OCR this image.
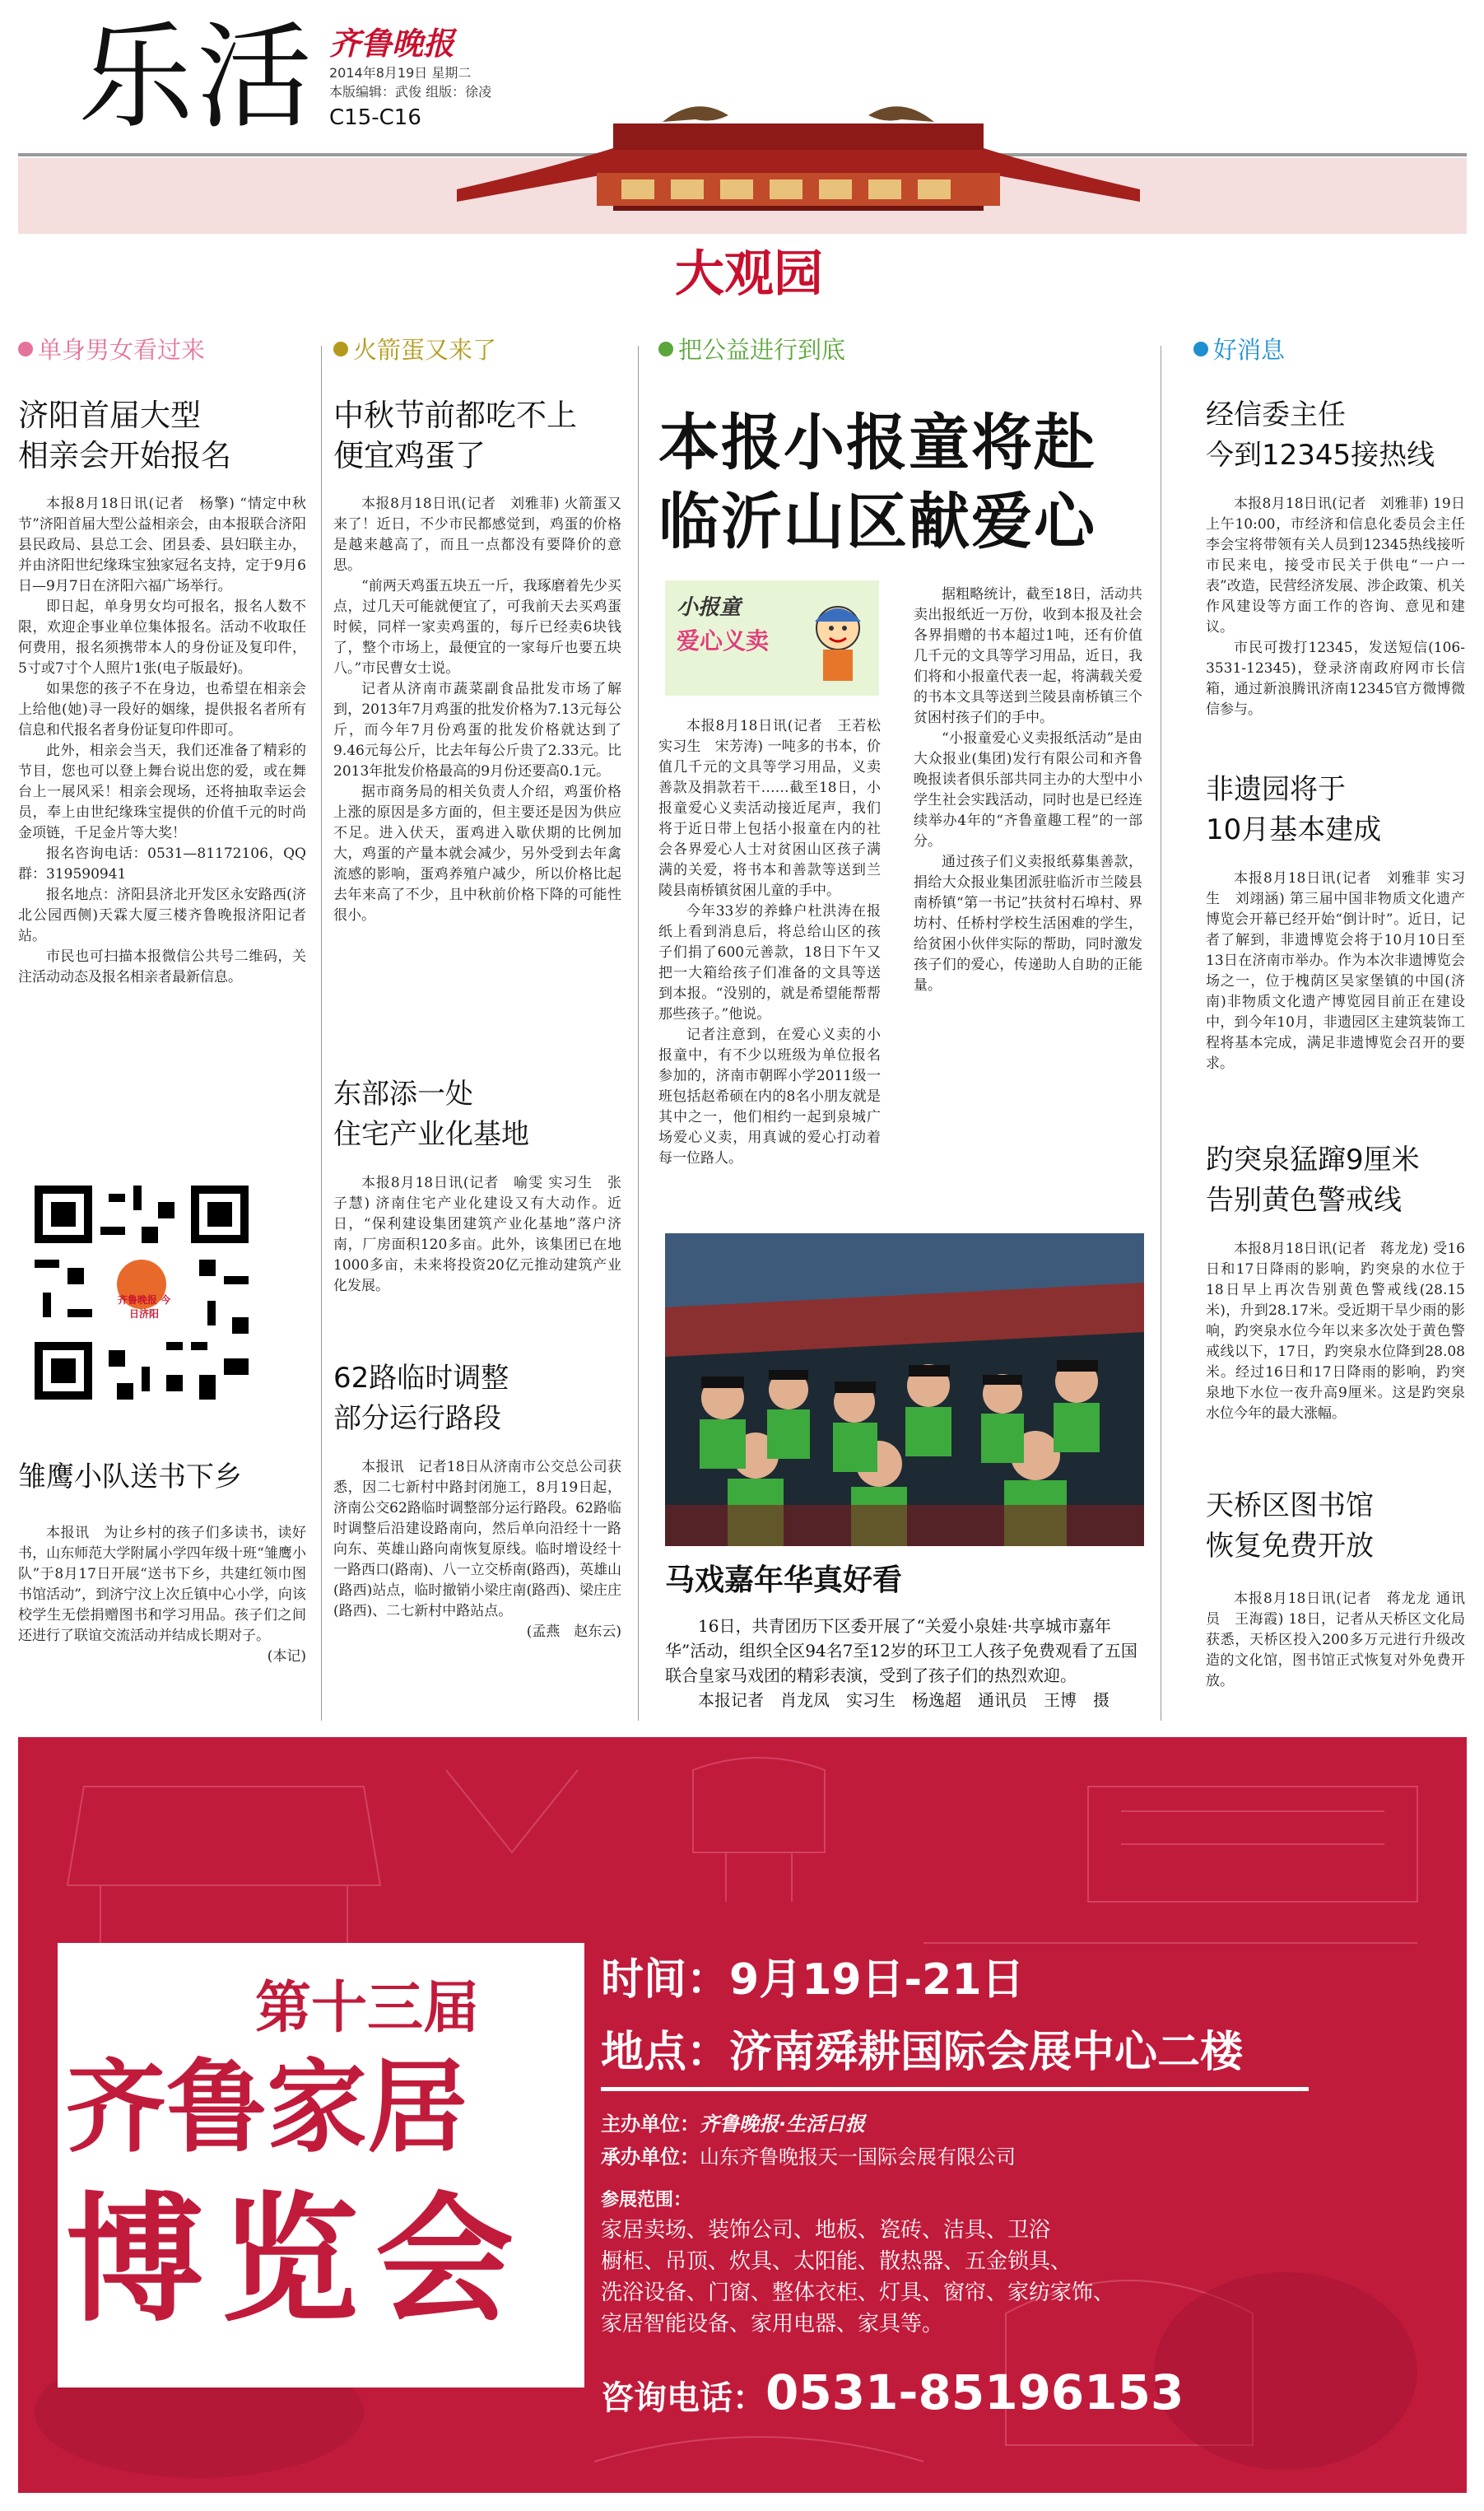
乐活 齐鲁晚报
2014年8月19日 星期二
本版编辑：武俊 组版：徐凌
C15-C16
大观园
单身男女看过来
济阳首届大型
相亲会开始报名

本报8月18日讯(记者　杨擎) “情定中秋节”济阳首届大型公益相亲会，由本报联合济阳县民政局、县总工会、团县委、县妇联主办，并由济阳世纪缘珠宝独家冠名支持，定于9月6日—9月7日在济阳六福广场举行。

即日起，单身男女均可报名，报名人数不限，欢迎企事业单位集体报名。活动不收取任何费用，报名须携带本人的身份证及复印件，5寸或7寸个人照片1张(电子版最好)。

如果您的孩子不在身边，也希望在相亲会上给他(她)寻一段好的姻缘，提供报名者所有信息和代报名者身份证复印件即可。

此外，相亲会当天，我们还准备了精彩的节目，您也可以登上舞台说出您的爱，或在舞台上一展风采！相亲会现场，还将抽取幸运会员，奉上由世纪缘珠宝提供的价值千元的时尚金项链，千足金片等大奖！

报名咨询电话：0531—81172106，QQ群：319590941

报名地点：济阳县济北开发区永安路西(济北公园西侧)天霖大厦三楼齐鲁晚报济阳记者站。

市民也可扫描本报微信公共号二维码，关注活动动态及报名相亲者最新信息。

齐鲁晚报 今日济阳
雏鹰小队送书下乡

本报讯　为让乡村的孩子们多读书，读好书，山东师范大学附属小学四年级十班“雏鹰小队”于8月17日开展“送书下乡，共建红领巾图书馆活动”，到济宁汶上次丘镇中心小学，向该校学生无偿捐赠图书和学习用品。孩子们之间还进行了联谊交流活动并结成长期对子。

(本记)
火箭蛋又来了
中秋节前都吃不上
便宜鸡蛋了

本报8月18日讯(记者　刘雅菲) 火箭蛋又来了！近日，不少市民都感觉到，鸡蛋的价格是越来越高了，而且一点都没有要降价的意思。

“前两天鸡蛋五块五一斤，我琢磨着先少买点，过几天可能就便宜了，可我前天去买鸡蛋时候，同样一家卖鸡蛋的，每斤已经卖6块钱了，整个市场上，最便宜的一家每斤也要五块八。”市民曹女士说。

记者从济南市蔬菜副食品批发市场了解到，2013年7月鸡蛋的批发价格为7.13元每公斤，而今年7月份鸡蛋的批发价格就达到了9.46元每公斤，比去年每公斤贵了2.33元。比2013年批发价格最高的9月份还要高0.1元。

据市商务局的相关负责人介绍，鸡蛋价格上涨的原因是多方面的，但主要还是因为供应不足。进入伏天，蛋鸡进入歇伏期的比例加大，鸡蛋的产量本就会减少，另外受到去年禽流感的影响，蛋鸡养殖户减少，所以价格比起去年来高了不少，且中秋前价格下降的可能性很小。

东部添一处
住宅产业化基地

本报8月18日讯(记者　喻雯 实习生　张子慧) 济南住宅产业化建设又有大动作。近日，“保利建设集团建筑产业化基地”落户济南，厂房面积120多亩。此外，该集团已在地1000多亩，未来将投资20亿元推动建筑产业化发展。

62路临时调整
部分运行路段

本报讯　记者18日从济南市公交总公司获悉，因二七新村中路封闭施工，8月19日起，济南公交62路临时调整部分运行路段。62路临时调整后沿建设路南向，然后单向沿经十一路向东、英雄山路向南恢复原线。临时增设经十一路西口(路南)、八一立交桥南(路西)，英雄山(路西)站点，临时撤销小梁庄南(路西)、梁庄庄(路西)、二七新村中路站点。

(孟燕　赵东云)
把公益进行到底
本报小报童将赴
临沂山区献爱心
小报童
爱心义卖

本报8月18日讯(记者　王若松　实习生　宋芳涛) 一吨多的书本，价值几千元的文具等学习用品，义卖善款及捐款若干……截至18日，小报童爱心义卖活动接近尾声，我们将于近日带上包括小报童在内的社会各界爱心人士对贫困山区孩子满满的关爱，将书本和善款等送到兰陵县南桥镇贫困儿童的手中。

今年33岁的养蜂户杜洪涛在报纸上看到消息后，将总给山区的孩子们捐了600元善款，18日下午又把一大箱给孩子们准备的文具等送到本报。“没别的，就是希望能帮帮那些孩子。”他说。

记者注意到，在爱心义卖的小报童中，有不少以班级为单位报名参加的，济南市朝晖小学2011级一班包括赵希硕在内的8名小朋友就是其中之一，他们相约一起到泉城广场爱心义卖，用真诚的爱心打动着每一位路人。

据粗略统计，截至18日，活动共卖出报纸近一万份，收到本报及社会各界捐赠的书本超过1吨，还有价值几千元的文具等学习用品，近日，我们将和小报童代表一起，将满载关爱的书本文具等送到兰陵县南桥镇三个贫困村孩子们的手中。

“小报童爱心义卖报纸活动”是由大众报业(集团)发行有限公司和齐鲁晚报读者俱乐部共同主办的大型中小学生社会实践活动，同时也是已经连续举办4年的“齐鲁童趣工程”的一部分。

通过孩子们义卖报纸募集善款，捐给大众报业集团派驻临沂市兰陵县南桥镇“第一书记”扶贫村石埠村、界坊村、任桥村学校生活困难的学生，给贫困小伙伴实际的帮助，同时激发孩子们的爱心，传递助人自助的正能量。

马戏嘉年华真好看

16日，共青团历下区委开展了“关爱小泉娃·共享城市嘉年华”活动，组织全区94名7至12岁的环卫工人孩子免费观看了五国联合皇家马戏团的精彩表演，受到了孩子们的热烈欢迎。

本报记者　肖龙凤　实习生　杨逸超　通讯员　王博　摄
好消息
经信委主任
今到12345接热线

本报8月18日讯(记者　刘雅菲) 19日上午10:00，市经济和信息化委员会主任李会宝将带领有关人员到12345热线接听市民来电，接受市民关于供电“一户一表”改造，民营经济发展、涉企政策、机关作风建设等方面工作的咨询、意见和建议。

市民可拨打12345，发送短信(106-3531-12345)，登录济南政府网市长信箱，通过新浪腾讯济南12345官方微博微信参与。

非遗园将于
10月基本建成

本报8月18日讯(记者　刘雅菲 实习生　刘翊涵) 第三届中国非物质文化遗产博览会开幕已经开始“倒计时”。近日，记者了解到，非遗博览会将于10月10日至13日在济南市举办。作为本次非遗博览会场之一，位于槐荫区吴家堡镇的中国(济南)非物质文化遗产博览园目前正在建设中，到今年10月，非遗园区主建筑装饰工程将基本完成，满足非遗博览会召开的要求。

趵突泉猛蹿9厘米
告别黄色警戒线

本报8月18日讯(记者　蒋龙龙) 受16日和17日降雨的影响，趵突泉的水位于18日早上再次告别黄色警戒线(28.15米)，升到28.17米。受近期干旱少雨的影响，趵突泉水位今年以来多次处于黄色警戒线以下，17日，趵突泉水位降到28.08米。经过16日和17日降雨的影响，趵突泉地下水位一夜升高9厘米。这是趵突泉水位今年的最大涨幅。

天桥区图书馆
恢复免费开放

本报8月18日讯(记者　蒋龙龙 通讯员　王海霞) 18日，记者从天桥区文化局获悉，天桥区投入200多万元进行升级改造的文化馆，图书馆正式恢复对外免费开放。

第十三届
齐鲁家居
博览会
时间：9月19日-21日
地点：济南舜耕国际会展中心二楼
主办单位：齐鲁晚报·生活日报
承办单位：山东齐鲁晚报天一国际会展有限公司
参展范围：
家居卖场、装饰公司、地板、瓷砖、洁具、卫浴
橱柜、吊顶、炊具、太阳能、散热器、五金锁具、
洗浴设备、门窗、整体衣柜、灯具、窗帘、家纺家饰、
家居智能设备、家用电器、家具等。
咨询电话：0531-85196153
